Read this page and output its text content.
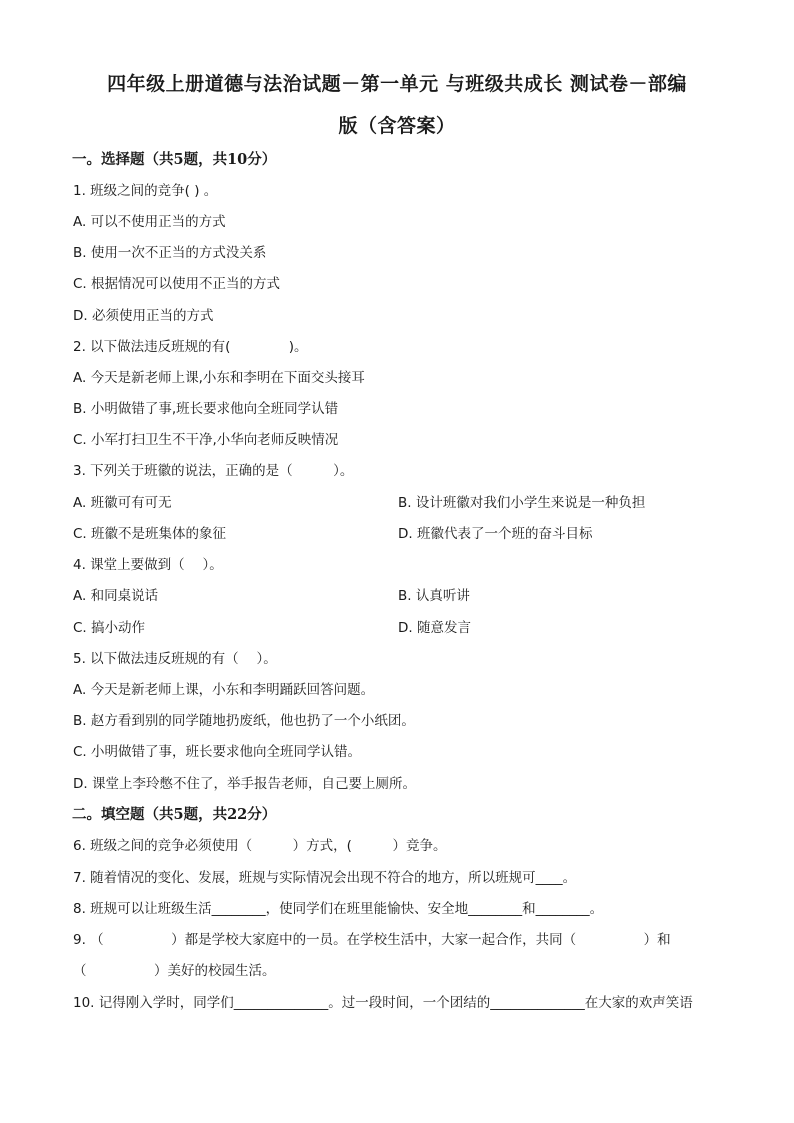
四年级上册道德与法治试题－第一单元 与班级共成长 测试卷－部编
版（含答案）
一。选择题（共5题，共10分）
1. 班级之间的竞争( ) 。
A. 可以不使用正当的方式
B. 使用一次不正当的方式没关系
C. 根据情况可以使用不正当的方式
D. 必须使用正当的方式
2. 以下做法违反班规的有(　　　　 )。
A. 今天是新老师上课,小东和李明在下面交头接耳
B. 小明做错了事,班长要求他向全班同学认错
C. 小军打扫卫生不干净,小华向老师反映情况
3. 下列关于班徽的说法，正确的是（　　　）。
A. 班徽可有可无	B. 设计班徽对我们小学生来说是一种负担
C. 班徽不是班集体的象征	D. 班徽代表了一个班的奋斗目标
4. 课堂上要做到（　 ）。
A. 和同桌说话	B. 认真听讲
C. 搞小动作	D. 随意发言
5. 以下做法违反班规的有（　 ）。
A. 今天是新老师上课，小东和李明踊跃回答问题。
B. 赵方看到别的同学随地扔废纸，他也扔了一个小纸团。
C. 小明做错了事，班长要求他向全班同学认错。
D. 课堂上李玲憋不住了，举手报告老师，自己要上厕所。
二。填空题（共5题，共22分）
6. 班级之间的竞争必须使用（　　　）方式，(　　　）竞争。
7. 随着情况的变化、发展，班规与实际情况会出现不符合的地方，所以班规可____。
8. 班规可以让班级生活________，使同学们在班里能愉快、安全地________和________。
9. （　　　　　）都是学校大家庭中的一员。在学校生活中，大家一起合作，共同（　　　　　）和
（　　　　　）美好的校园生活。
10. 记得刚入学时，同学们______________。过一段时间，一个团结的______________在大家的欢声笑语
